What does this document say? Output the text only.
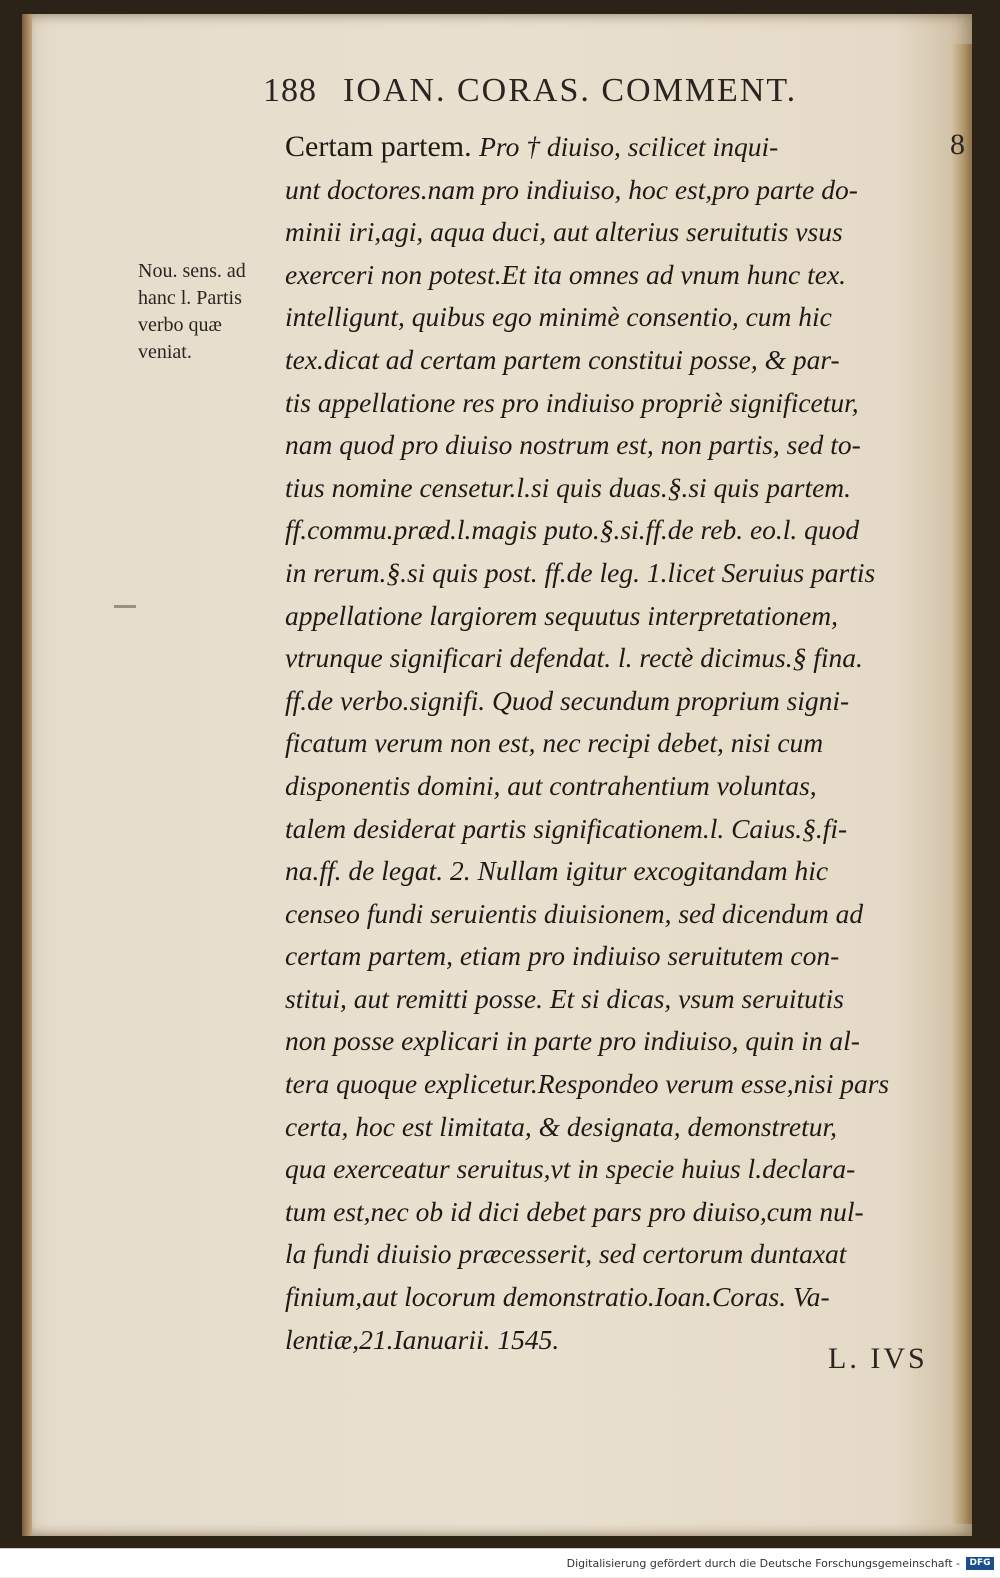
188 IOAN. CORAS. COMMENT.
8
Nou. sens. ad
hanc l. Partis
verbo quæ
veniat.
Certam partem. Pro † diuiso, scilicet inqui-
unt doctores.nam pro indiuiso, hoc est,pro parte do-
minii iri,agi, aqua duci, aut alterius seruitutis vsus
exerceri non potest.Et ita omnes ad vnum hunc tex.
intelligunt, quibus ego minimè consentio, cum hic
tex.dicat ad certam partem constitui posse, & par-
tis appellatione res pro indiuiso propriè significetur,
nam quod pro diuiso nostrum est, non partis, sed to-
tius nomine censetur.l.si quis duas.§.si quis partem.
ff.commu.præd.l.magis puto.§.si.ff.de reb. eo.l. quod
in rerum.§.si quis post. ff.de leg. 1.licet Seruius partis
appellatione largiorem sequutus interpretationem,
vtrunque significari defendat. l. rectè dicimus.§ fina.
ff.de verbo.signifi. Quod secundum proprium signi-
ficatum verum non est, nec recipi debet, nisi cum
disponentis domini, aut contrahentium voluntas,
talem desiderat partis significationem.l. Caius.§.fi-
na.ff. de legat. 2. Nullam igitur excogitandam hic
censeo fundi seruientis diuisionem, sed dicendum ad
certam partem, etiam pro indiuiso seruitutem con-
stitui, aut remitti posse. Et si dicas, vsum seruitutis
non posse explicari in parte pro indiuiso, quin in al-
tera quoque explicetur.Respondeo verum esse,nisi pars
certa, hoc est limitata, & designata, demonstretur,
qua exerceatur seruitus,vt in specie huius l.declara-
tum est,nec ob id dici debet pars pro diuiso,cum nul-
la fundi diuisio præcesserit, sed certorum duntaxat
finium,aut locorum demonstratio.Ioan.Coras. Va-
lentiæ,21.Ianuarii. 1545.
L. IVS
Digitalisierung gefördert durch die Deutsche Forschungsgemeinschaft -	DFG
